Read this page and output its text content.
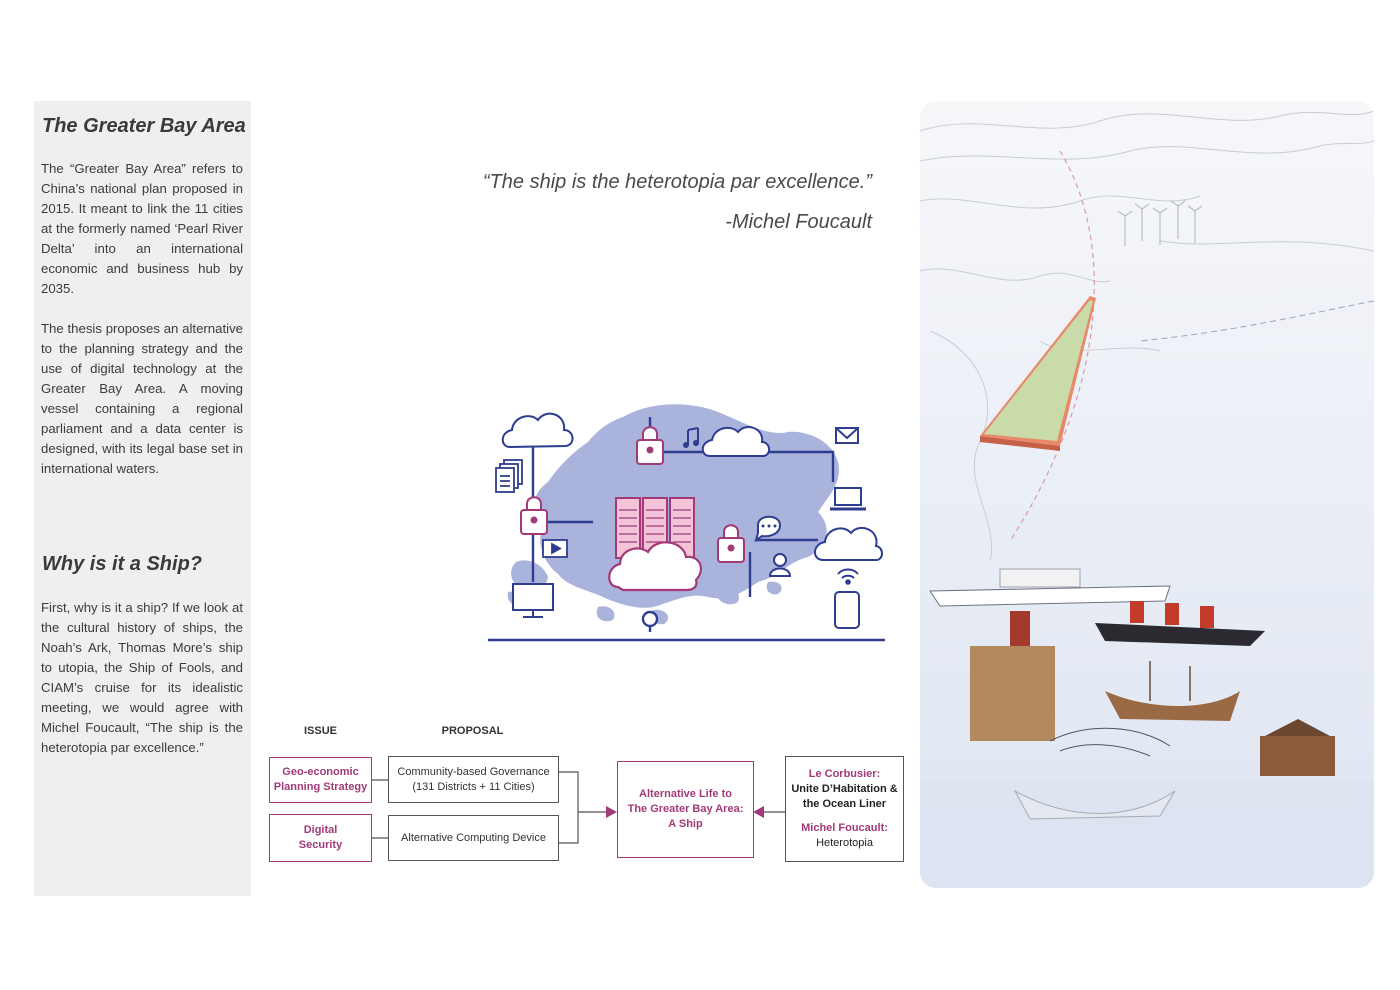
The Greater Bay Area

The “Greater Bay Area” refers to China’s national plan proposed in 2015. It meant to link the 11 cities at the formerly named ‘Pearl River Delta’ into an international economic and business hub by 2035.

The thesis proposes an alternative to the planning strategy and the use of digital technology at the Greater Bay Area. A moving vessel containing a regional parliament and a data center is designed, with its legal base set in international waters.

Why is it a Ship?

First, why is it a ship? If we look at the cultural history of ships, the Noah’s Ark, Thomas More’s ship to utopia, the Ship of Fools, and CIAM’s cruise for its idealistic meeting, we would agree with Michel Foucault, “The ship is the heterotopia par excellence.”

“The ship is the heterotopia par excellence.”
-Michel Foucault
ISSUE	PROPOSAL
Geo-economic
Planning Strategy
Digital
Security
Community-based Governance
(131 Districts + 11 Cities)
Alternative Computing Device
Alternative Life to
The Greater Bay Area:
A Ship
Le Corbusier:
Unite D’Habitation &
the Ocean Liner
Michel Foucault:
Heterotopia
